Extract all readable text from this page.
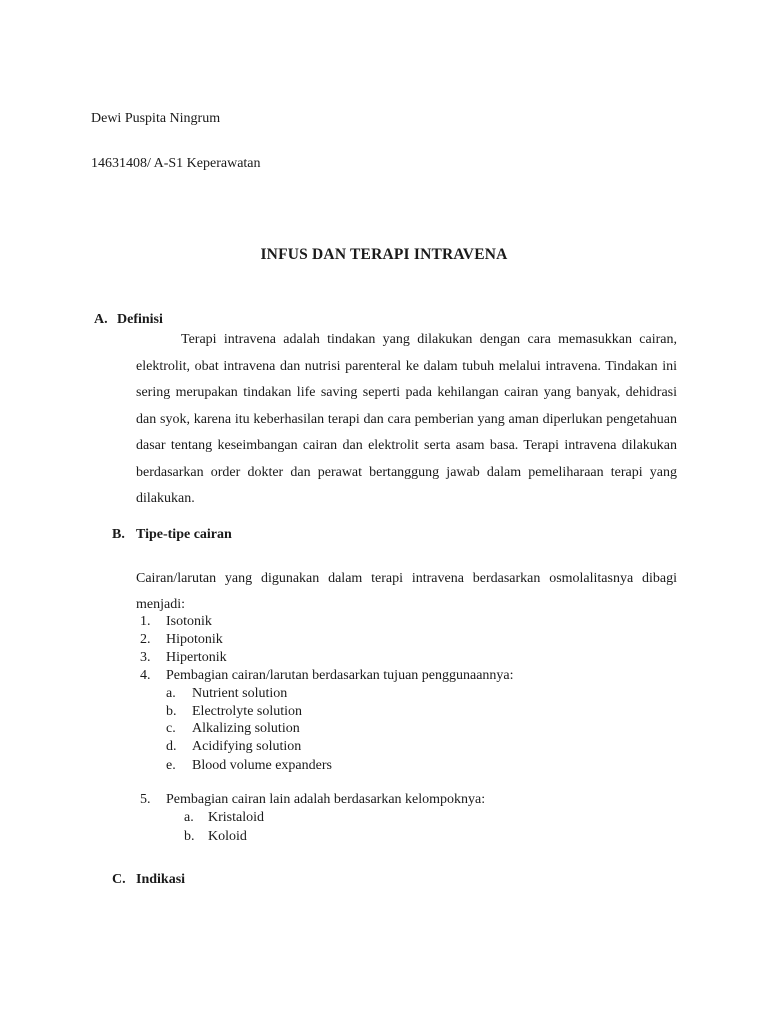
Dewi Puspita Ningrum
14631408/ A-S1 Keperawatan
INFUS DAN TERAPI INTRAVENA
A. Definisi

Terapi intravena adalah tindakan yang dilakukan dengan cara memasukkan cairan, elektrolit, obat intravena dan nutrisi parenteral ke dalam tubuh melalui intravena. Tindakan ini sering merupakan tindakan life saving seperti pada kehilangan cairan yang banyak, dehidrasi dan syok, karena itu keberhasilan terapi dan cara pemberian yang aman diperlukan pengetahuan dasar tentang keseimbangan cairan dan elektrolit serta asam basa. Terapi intravena dilakukan berdasarkan order dokter dan perawat bertanggung jawab dalam pemeliharaan terapi yang dilakukan.

B. Tipe-tipe cairan

Cairan/larutan yang digunakan dalam terapi intravena berdasarkan osmolalitasnya dibagi menjadi:

1. Isotonik
2. Hipotonik
3. Hipertonik
4. Pembagian cairan/larutan berdasarkan tujuan penggunaannya:
a. Nutrient solution
b. Electrolyte solution
c. Alkalizing solution
d. Acidifying solution
e. Blood volume expanders
5. Pembagian cairan lain adalah berdasarkan kelompoknya:
a. Kristaloid
b. Koloid
C. Indikasi
